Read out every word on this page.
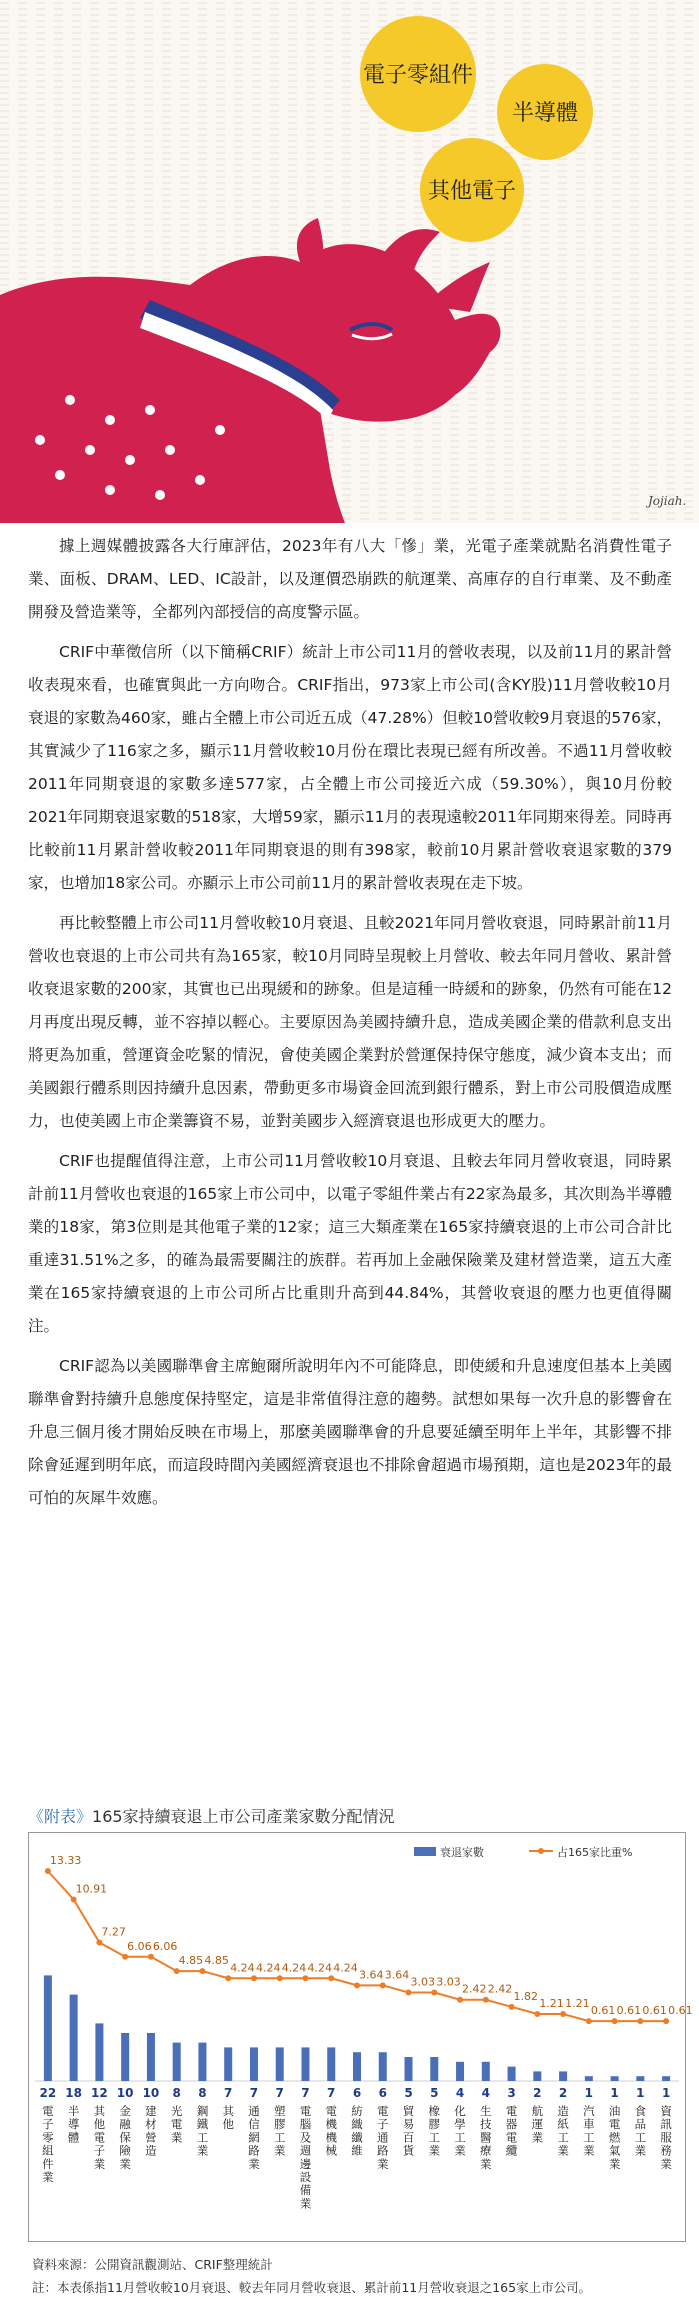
電子零組件
半導體
其他電子
Jojiah.

據上週媒體披露各大行庫評估，2023年有八大「慘」業，光電子產業就點名消費性電子業、面板、DRAM、LED、IC設計，以及運價恐崩跌的航運業、高庫存的自行車業、及不動產開發及營造業等，全都列內部授信的高度警示區。

CRIF中華徵信所（以下簡稱CRIF）統計上市公司11月的營收表現，以及前11月的累計營收表現來看，也確實與此一方向吻合。CRIF指出，973家上市公司(含KY股)11月營收較10月衰退的家數為460家，雖占全體上市公司近五成（47.28%）但較10營收較9月衰退的576家，其實減少了116家之多，顯示11月營收較10月份在環比表現已經有所改善。不過11月營收較2011年同期衰退的家數多達577家，占全體上市公司接近六成（59.30%），與10月份較2021年同期衰退家數的518家，大增59家，顯示11月的表現遠較2011年同期來得差。同時再比較前11月累計營收較2011年同期衰退的則有398家，較前10月累計營收衰退家數的379家，也增加18家公司。亦顯示上市公司前11月的累計營收表現在走下坡。

再比較整體上市公司11月營收較10月衰退、且較2021年同月營收衰退，同時累計前11月營收也衰退的上市公司共有為165家，較10月同時呈現較上月營收、較去年同月營收、累計營收衰退家數的200家，其實也已出現緩和的跡象。但是這種一時緩和的跡象，仍然有可能在12月再度出現反轉，並不容掉以輕心。主要原因為美國持續升息，造成美國企業的借款利息支出將更為加重，營運資金吃緊的情況，會使美國企業對於營運保持保守態度，減少資本支出；而美國銀行體系則因持續升息因素，帶動更多市場資金回流到銀行體系，對上市公司股價造成壓力，也使美國上市企業籌資不易，並對美國步入經濟衰退也形成更大的壓力。

CRIF也提醒值得注意，上市公司11月營收較10月衰退、且較去年同月營收衰退，同時累計前11月營收也衰退的165家上市公司中，以電子零組件業占有22家為最多，其次則為半導體業的18家，第3位則是其他電子業的12家；這三大類產業在165家持續衰退的上市公司合計比重達31.51%之多，的確為最需要關注的族群。若再加上金融保險業及建材營造業，這五大產業在165家持續衰退的上市公司所占比重則升高到44.84%，其營收衰退的壓力也更值得關注。

CRIF認為以美國聯準會主席鮑爾所說明年內不可能降息，即使緩和升息速度但基本上美國聯準會對持續升息態度保持堅定，這是非常值得注意的趨勢。試想如果每一次升息的影響會在升息三個月後才開始反映在市場上，那麼美國聯準會的升息要延續至明年上半年，其影響不排除會延遲到明年底，而這段時間內美國經濟衰退也不排除會超過市場預期，這也是2023年的最可怕的灰犀牛效應。

《附表》165家持續衰退上市公司產業家數分配情況
衰退家數	占165家比重%
22
電子零組件業
18
半導體
12
其他電子業
10
金融保險業
10
建材營造
8
光電業
8
鋼鐵工業
7
其他
7
通信網路業
7
塑膠工業
7
電腦及週邊設備業
7
電機機械
6
紡織纖維
6
電子通路業
5
貿易百貨
5
橡膠工業
4
化學工業
4
生技醫療業
3
電器電纜
2
航運業
2
造紙工業
1
汽車工業
1
油電燃氣業
1
食品工業
1
資訊服務業
13.33
10.91
7.27
6.06 6.06
4.85 4.85
4.24 4.24 4.24 4.24 4.24
3.64 3.64
3.03 3.03
2.42 2.42
1.82
1.21 1.21
0.61 0.61 0.61 0.61
資料來源：公開資訊觀測站、CRIF整理統計
註：本表係指11月營收較10月衰退、較去年同月營收衰退、累計前11月營收衰退之165家上市公司。
